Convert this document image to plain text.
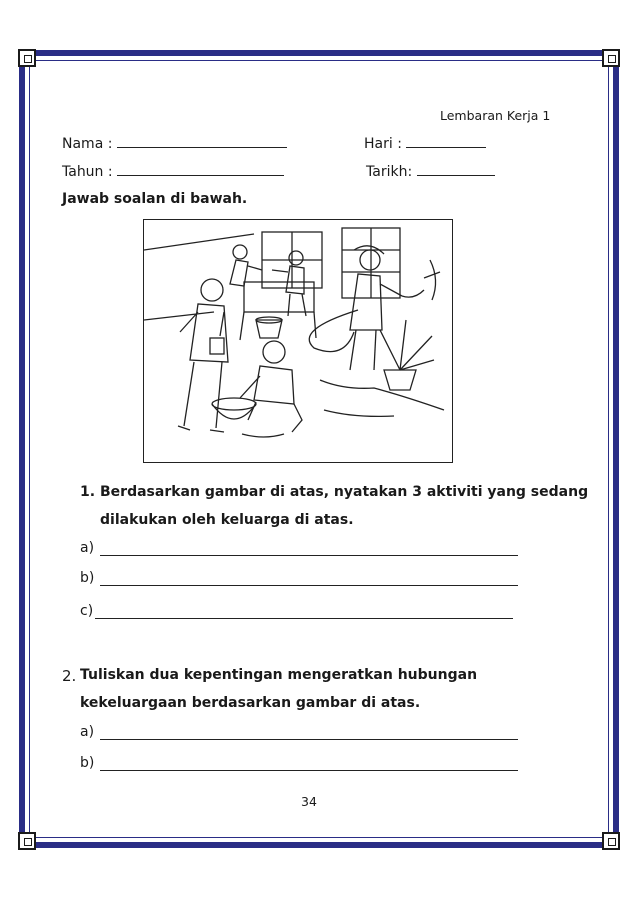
Lembaran Kerja 1
Nama :	Hari :
Tahun :	Tarikh:
Jawab soalan di bawah.
1. Berdasarkan gambar di atas, nyatakan 3 aktiviti yang sedang
dilakukan oleh keluarga di atas.
a)
b)
c)
2. Tuliskan dua kepentingan mengeratkan hubungan
kekeluargaan berdasarkan gambar di atas.
a)
b)
34
